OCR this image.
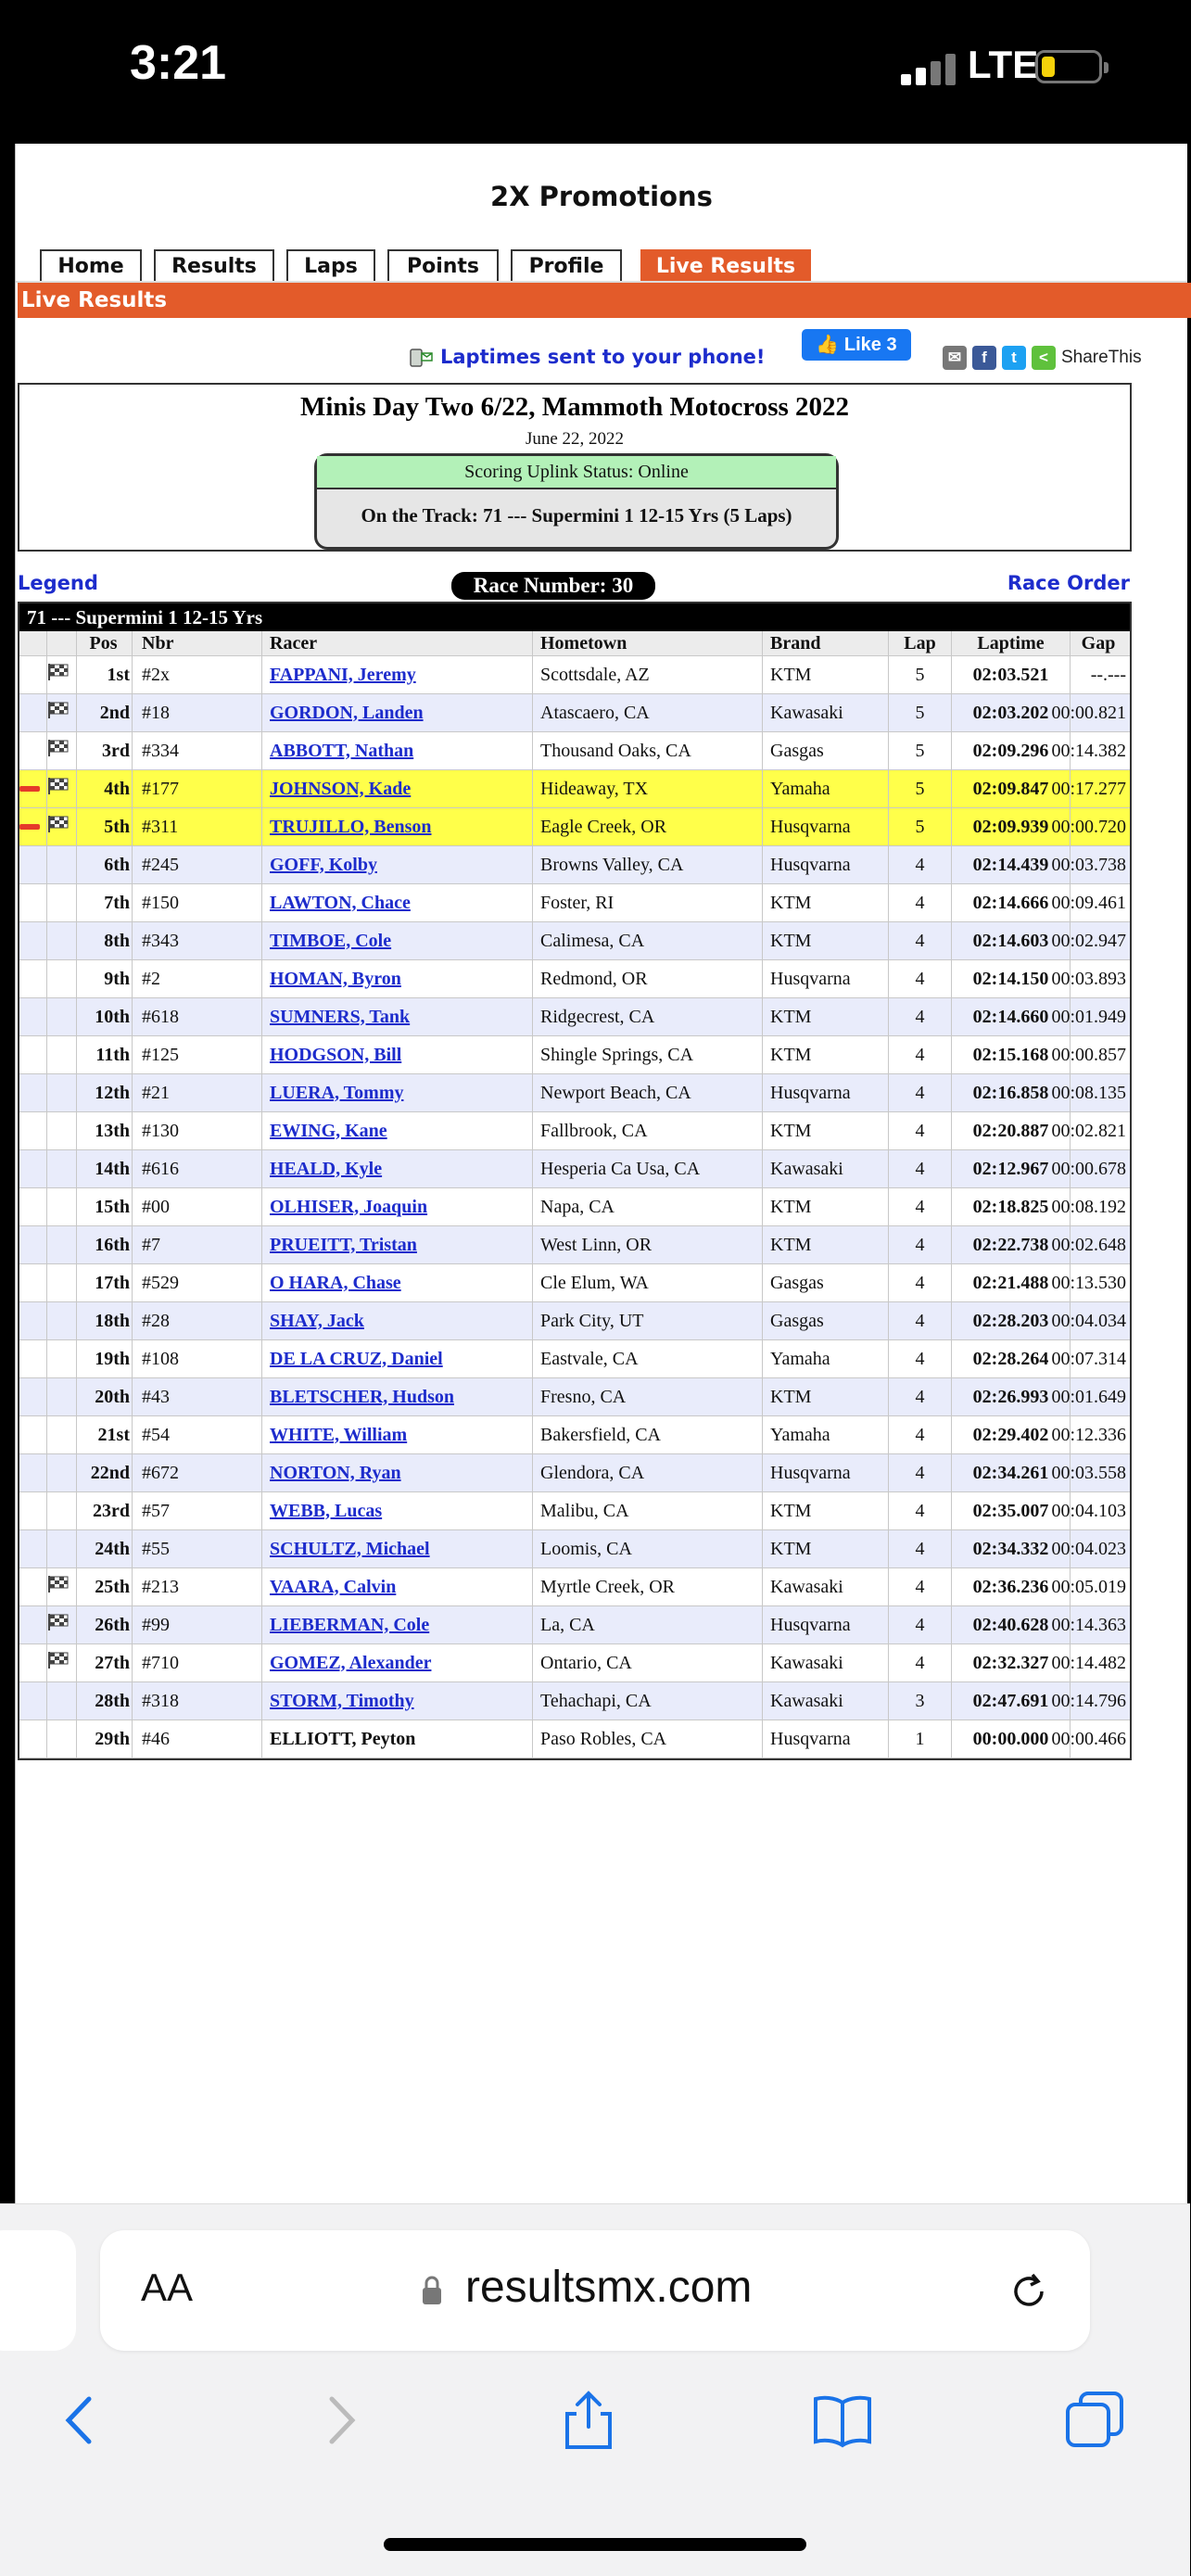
3:21	LTE
2X Promotions
Home	Results	Laps	Points	Profile	Live Results
Live Results
Laptimes sent to your phone!
👍 Like 3
✉ f t < ShareThis
Minis Day Two 6/22, Mammoth Motocross 2022
June 22, 2022
Scoring Uplink Status: Online
On the Track: 71 --- Supermini 1 12-15 Yrs (5 Laps)
Legend	Race Number: 30	Race Order
71 --- Supermini 1 12-15 Yrs
Pos	Nbr	Racer	Hometown	Brand	Lap	Laptime	Gap
1st #2x	FAPPANI, Jeremy	Scottsdale, AZ	KTM	5	02:03.521	--.---
2nd #18	GORDON, Landen	Atascaero, CA	Kawasaki	5	02:03.202 00:00.821
3rd #334	ABBOTT, Nathan	Thousand Oaks, CA	Gasgas	5	02:09.296 00:14.382
4th #177	JOHNSON, Kade	Hideaway, TX	Yamaha	5	02:09.847 00:17.277
5th #311	TRUJILLO, Benson	Eagle Creek, OR	Husqvarna	5	02:09.939 00:00.720
6th #245	GOFF, Kolby	Browns Valley, CA	Husqvarna	4	02:14.439 00:03.738
7th #150	LAWTON, Chace	Foster, RI	KTM	4	02:14.666 00:09.461
8th #343	TIMBOE, Cole	Calimesa, CA	KTM	4	02:14.603 00:02.947
9th #2	HOMAN, Byron	Redmond, OR	Husqvarna	4	02:14.150 00:03.893
10th #618	SUMNERS, Tank	Ridgecrest, CA	KTM	4	02:14.660 00:01.949
11th #125	HODGSON, Bill	Shingle Springs, CA	KTM	4	02:15.168 00:00.857
12th #21	LUERA, Tommy	Newport Beach, CA	Husqvarna	4	02:16.858 00:08.135
13th #130	EWING, Kane	Fallbrook, CA	KTM	4	02:20.887 00:02.821
14th #616	HEALD, Kyle	Hesperia Ca Usa, CA	Kawasaki	4	02:12.967 00:00.678
15th #00	OLHISER, Joaquin	Napa, CA	KTM	4	02:18.825 00:08.192
16th #7	PRUEITT, Tristan	West Linn, OR	KTM	4	02:22.738 00:02.648
17th #529	O HARA, Chase	Cle Elum, WA	Gasgas	4	02:21.488 00:13.530
18th #28	SHAY, Jack	Park City, UT	Gasgas	4	02:28.203 00:04.034
19th #108	DE LA CRUZ, Daniel	Eastvale, CA	Yamaha	4	02:28.264 00:07.314
20th #43	BLETSCHER, Hudson	Fresno, CA	KTM	4	02:26.993 00:01.649
21st #54	WHITE, William	Bakersfield, CA	Yamaha	4	02:29.402 00:12.336
22nd #672	NORTON, Ryan	Glendora, CA	Husqvarna	4	02:34.261 00:03.558
23rd #57	WEBB, Lucas	Malibu, CA	KTM	4	02:35.007 00:04.103
24th #55	SCHULTZ, Michael	Loomis, CA	KTM	4	02:34.332 00:04.023
25th #213	VAARA, Calvin	Myrtle Creek, OR	Kawasaki	4	02:36.236 00:05.019
26th #99	LIEBERMAN, Cole	La, CA	Husqvarna	4	02:40.628 00:14.363
27th #710	GOMEZ, Alexander	Ontario, CA	Kawasaki	4	02:32.327 00:14.482
28th #318	STORM, Timothy	Tehachapi, CA	Kawasaki	3	02:47.691 00:14.796
29th #46	ELLIOTT, Peyton	Paso Robles, CA	Husqvarna	1	00:00.000 00:00.466
AA	resultsmx.com
